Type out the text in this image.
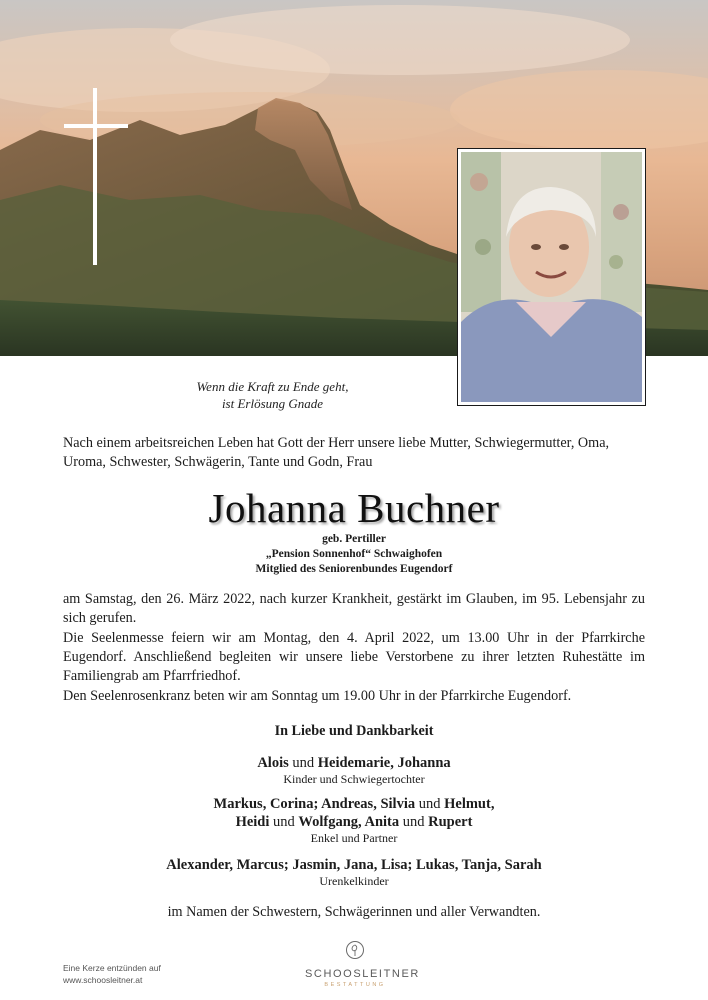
Wenn die Kraft zu Ende geht,
ist Erlösung Gnade
Nach einem arbeitsreichen Leben hat Gott der Herr unsere liebe Mutter, Schwiegermutter, Oma,
Uroma, Schwester, Schwägerin, Tante und Godn, Frau
Johanna Buchner
geb. Pertiller
„Pension Sonnenhof“ Schwaighofen
Mitglied des Seniorenbundes Eugendorf
am Samstag, den 26. März 2022, nach kurzer Krankheit, gestärkt im Glauben, im 95. Lebensjahr zu sich gerufen.
Die Seelenmesse feiern wir am Montag, den 4. April 2022, um 13.00 Uhr in der Pfarrkirche Eugendorf. Anschließend begleiten wir unsere liebe Verstorbene zu ihrer letzten Ruhestätte im Familiengrab am Pfarrfriedhof.
Den Seelenrosenkranz beten wir am Sonntag um 19.00 Uhr in der Pfarrkirche Eugendorf.
In Liebe und Dankbarkeit
Alois und Heidemarie, Johanna
Kinder und Schwiegertochter
Markus, Corina; Andreas, Silvia und Helmut,
Heidi und Wolfgang, Anita und Rupert
Enkel und Partner
Alexander, Marcus; Jasmin, Jana, Lisa; Lukas, Tanja, Sarah
Urenkelkinder
im Namen der Schwestern, Schwägerinnen und aller Verwandten.
Eine Kerze entzünden auf
www.schoosleitner.at	SCHOOSLEITNER
BESTATTUNG
